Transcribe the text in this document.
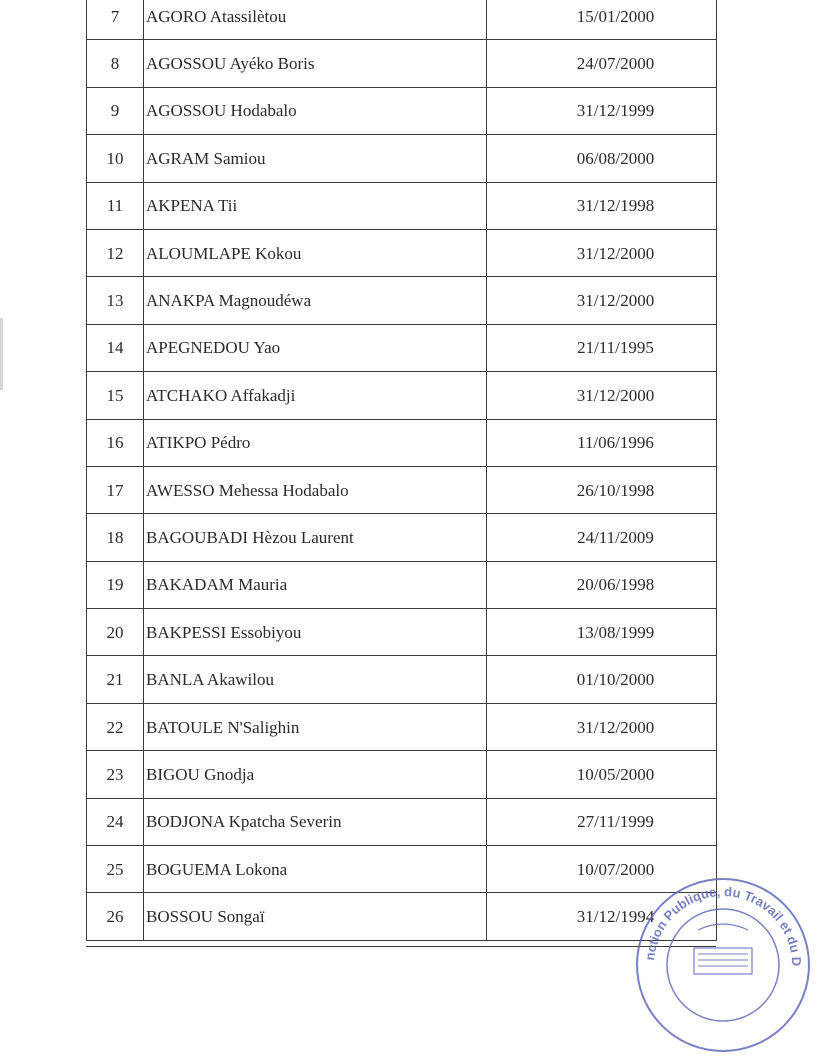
7	AGORO Atassilètou	15/01/2000
8	AGOSSOU Ayéko Boris	24/07/2000
9	AGOSSOU Hodabalo	31/12/1999
10	AGRAM Samiou	06/08/2000
11	AKPENA Tii	31/12/1998
12	ALOUMLAPE Kokou	31/12/2000
13	ANAKPA Magnoudéwa	31/12/2000
14	APEGNEDOU Yao	21/11/1995
15	ATCHAKO Affakadji	31/12/2000
16	ATIKPO Pédro	11/06/1996
17	AWESSO Mehessa Hodabalo	26/10/1998
18	BAGOUBADI Hèzou Laurent	24/11/2009
19	BAKADAM Mauria	20/06/1998
20	BAKPESSI Essobiyou	13/08/1999
21	BANLA Akawilou	01/10/2000
22	BATOULE N'Salighin	31/12/2000
23	BIGOU Gnodja	10/05/2000
24	BODJONA Kpatcha Severin	27/11/1999
25	BOGUEMA Lokona	10/07/2000
26	BOSSOU Songaï	31/12/1994
nction Publique, du Travail et du D
